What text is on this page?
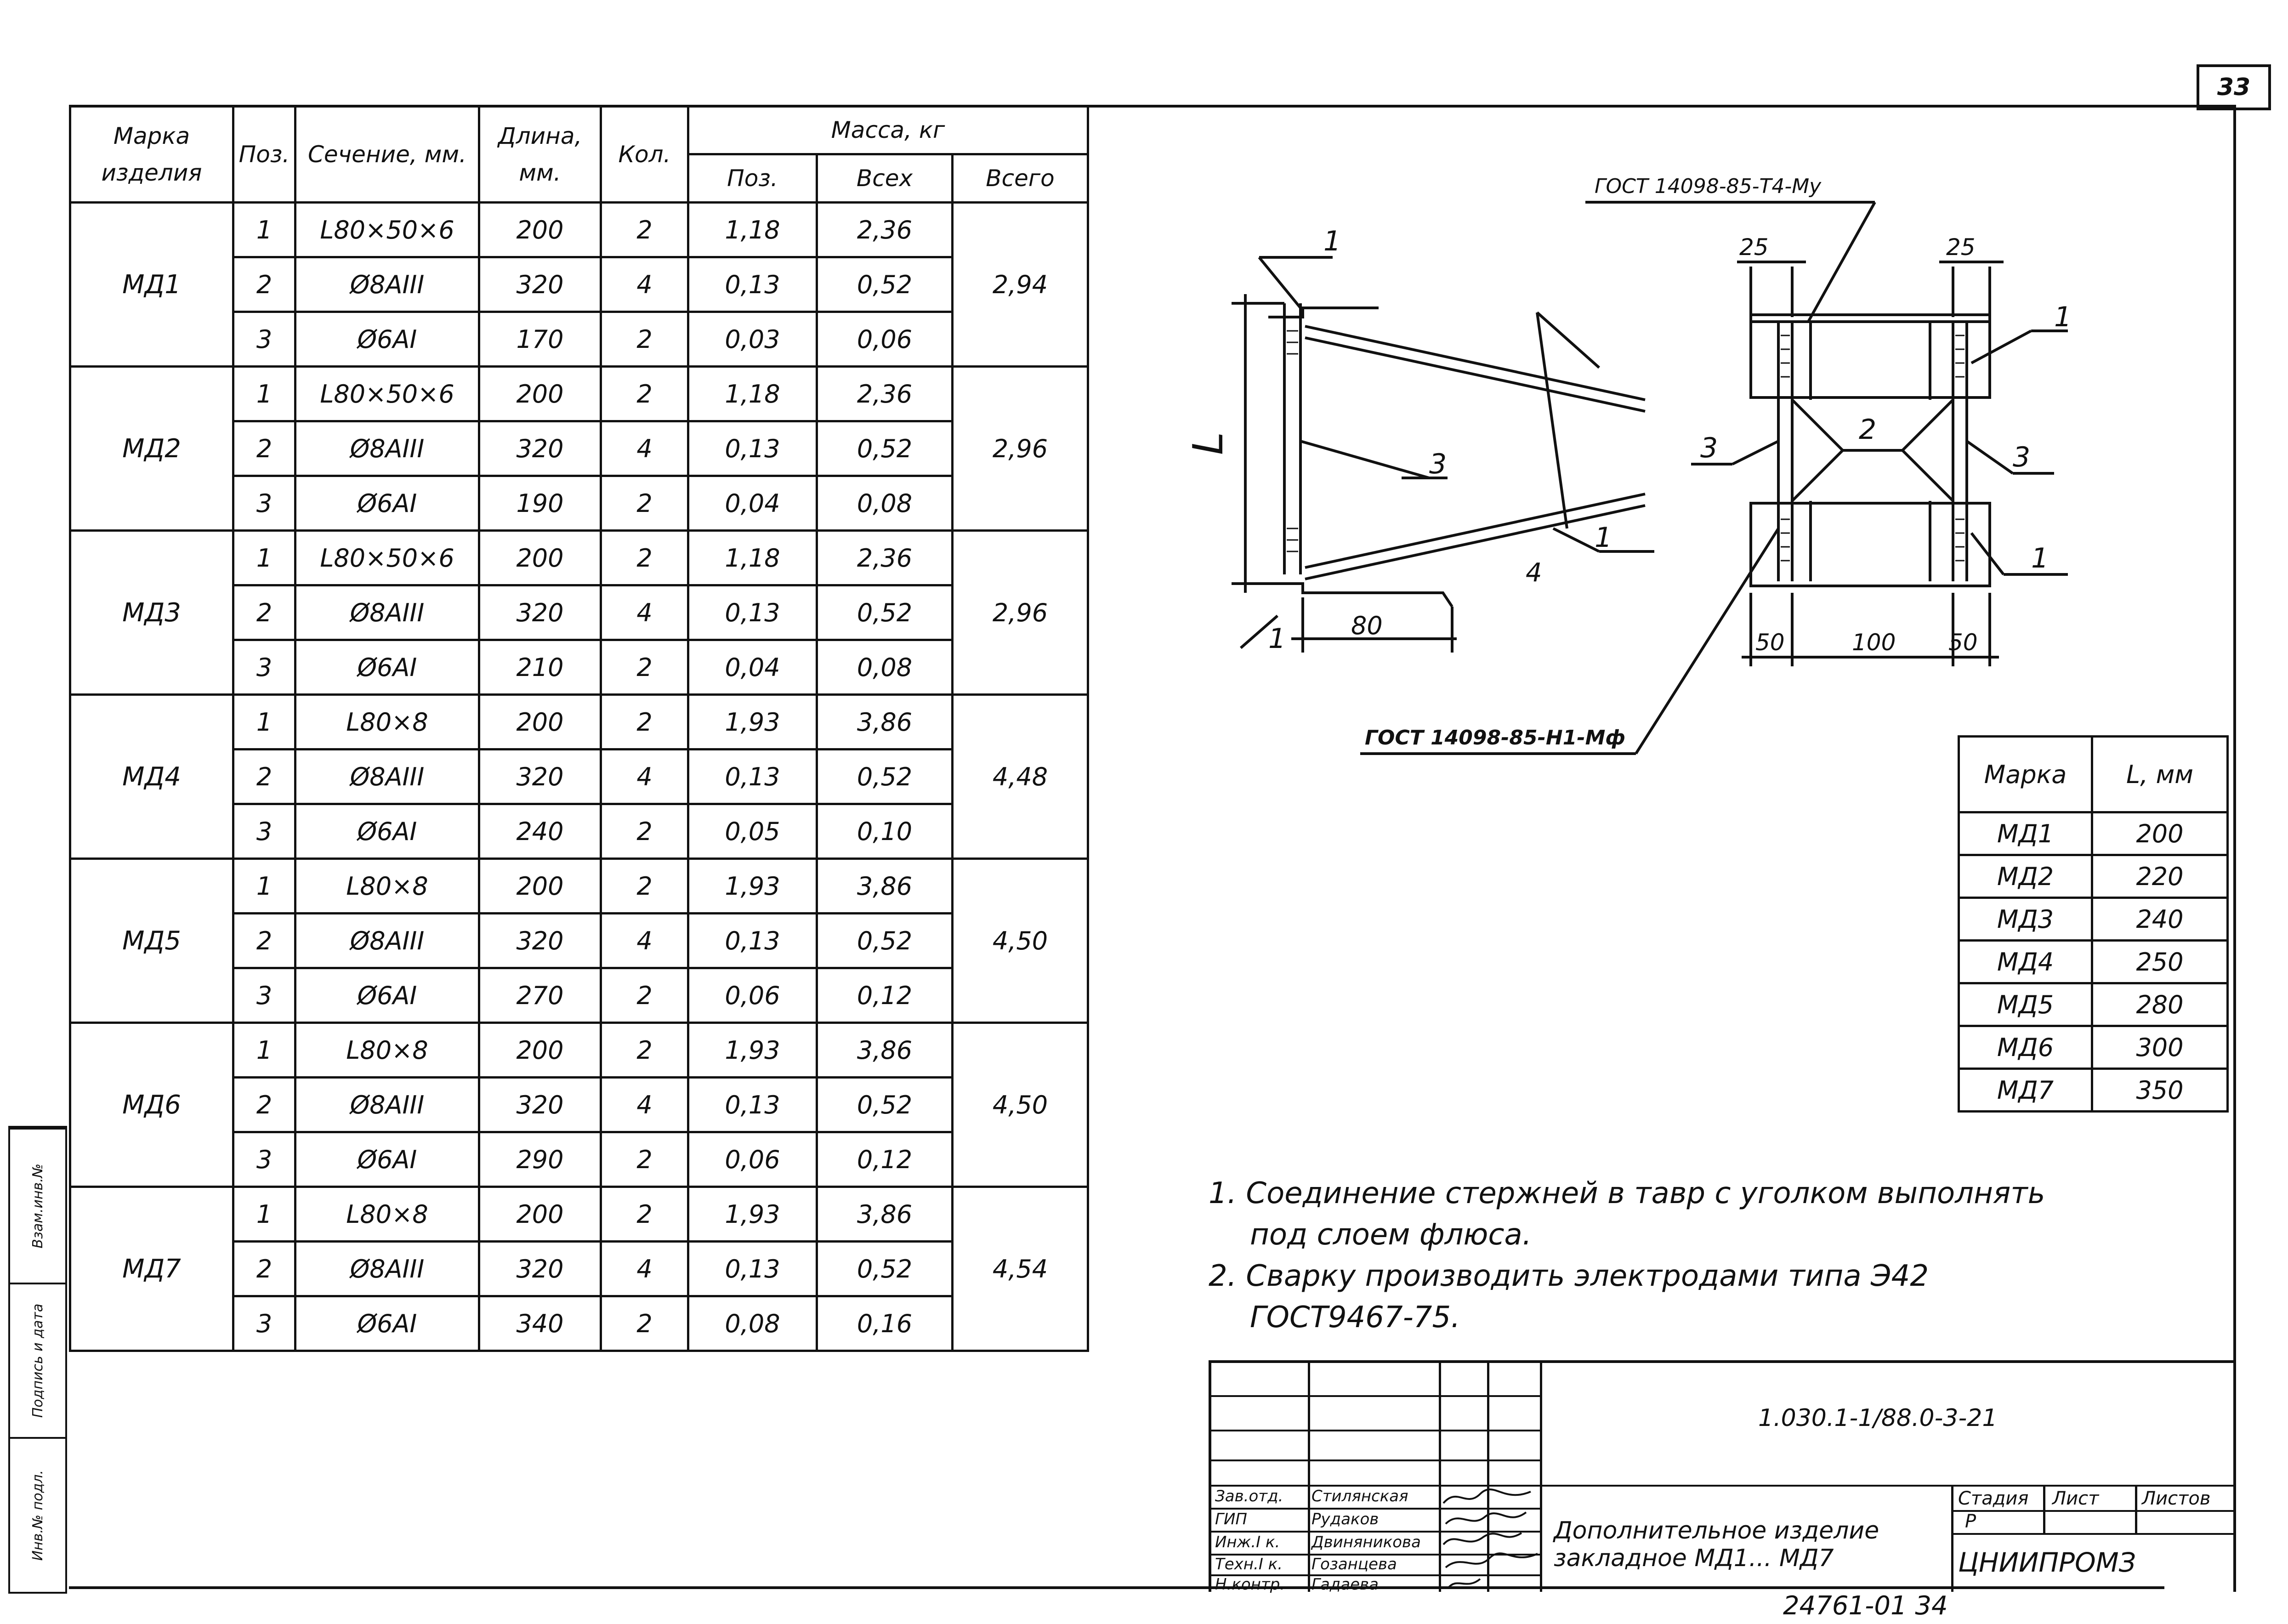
33
Инв.№ подл.
Подпись и дата
Взам.инв.№
Марка изделия	Поз.	Сечение, мм.	Длина, мм.	Кол.	Масса, кг		
					Поз.	Всех	Всего
МД1	1	L80×50×6	200	2	1,18	2,36	2,94
	2	Ø8АIII	320	4	0,13	0,52	
	3	Ø6АI	170	2	0,03	0,06	
МД2	1	L80×50×6	200	2	1,18	2,36	2,96
	2	Ø8АIII	320	4	0,13	0,52	
	3	Ø6АI	190	2	0,04	0,08	
МД3	1	L80×50×6	200	2	1,18	2,36	2,96
	2	Ø8АIII	320	4	0,13	0,52	
	3	Ø6АI	210	2	0,04	0,08	
МД4	1	L80×8	200	2	1,93	3,86	4,48
	2	Ø8АIII	320	4	0,13	0,52	
	3	Ø6АI	240	2	0,05	0,10	
МД5	1	L80×8	200	2	1,93	3,86	4,50
	2	Ø8АIII	320	4	0,13	0,52	
	3	Ø6АI	270	2	0,06	0,12	
МД6	1	L80×8	200	2	1,93	3,86	4,50
	2	Ø8АIII	320	4	0,13	0,52	
	3	Ø6АI	290	2	0,06	0,12	
МД7	1	L80×8	200	2	1,93	3,86	4,54
	2	Ø8АIII	320	4	0,13	0,52	
	3	Ø6АI	340	2	0,08	0,16	
Марка	L, мм
МД1	200
МД2	220
МД3	240
МД4	250
МД5	280
МД6	300
МД7	350
L
1
1
1
1
1
3	3	3
2
4
80
25	25
50	100 50
ГОСТ 14098-85-Т4-Му
ГОСТ 14098-85-Н1-Мф
1. Соединение стержней в тавр с уголком выполнять
под слоем флюса.
2. Сварку производить электродами типа Э42
ГОСТ9467-75.
1.030.1-1/88.0-3-21
Дополнительное изделие
закладное МД1... МД7
Стадия Лист Листов
Р
ЦНИИПРОМЗ
Зав.отд.
ГИП
Инж.I к.
Техн.I к.
Н.контр.
Стилянская
Рудаков
Двиняникова
Гозанцева
Гадаева
24761-01 34
